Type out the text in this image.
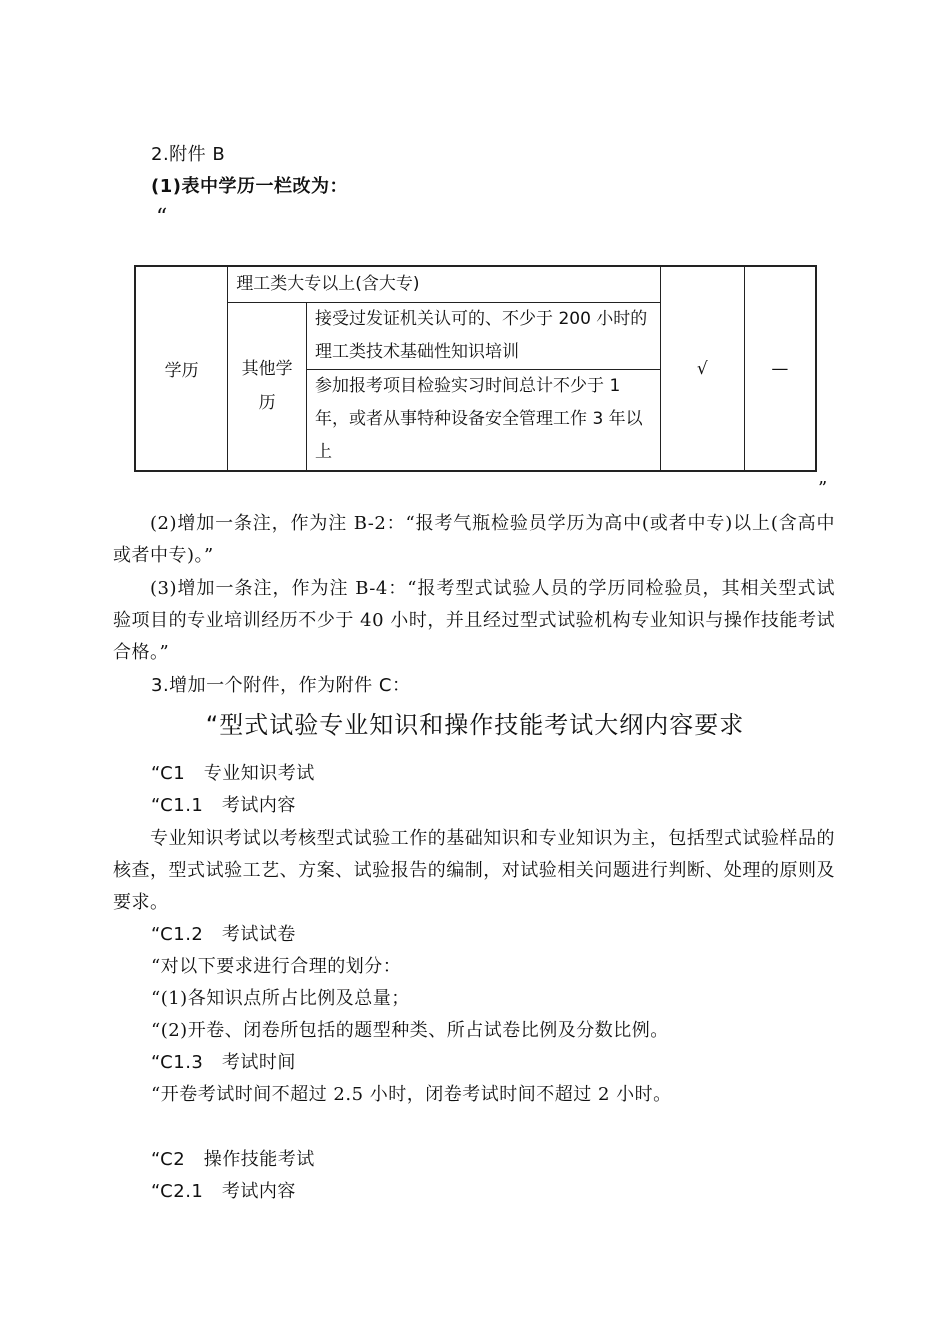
2.附件 B
(1)表中学历一栏改为：
“
学历	理工类大专以上(含大专)		√	—
	其他学历	接受过发证机关认可的、不少于 200 小时的理工类技术基础性知识培训		
		参加报考项目检验实习时间总计不少于 1 年，或者从事特种设备安全管理工作 3 年以上		
”
(2)增加一条注，作为注 B-2：“报考气瓶检验员学历为高中(或者中专)以上(含高中或者中专)。”
(3)增加一条注，作为注 B-4：“报考型式试验人员的学历同检验员，其相关型式试验项目的专业培训经历不少于 40 小时，并且经过型式试验机构专业知识与操作技能考试合格。”
3.增加一个附件，作为附件 C：
“型式试验专业知识和操作技能考试大纲内容要求
“C1　专业知识考试
“C1.1　考试内容
专业知识考试以考核型式试验工作的基础知识和专业知识为主，包括型式试验样品的核查，型式试验工艺、方案、试验报告的编制，对试验相关问题进行判断、处理的原则及要求。
“C1.2　考试试卷
“对以下要求进行合理的划分：
“(1)各知识点所占比例及总量；
“(2)开卷、闭卷所包括的题型种类、所占试卷比例及分数比例。
“C1.3　考试时间
“开卷考试时间不超过 2.5 小时，闭卷考试时间不超过 2 小时。
“C2　操作技能考试
“C2.1　考试内容
